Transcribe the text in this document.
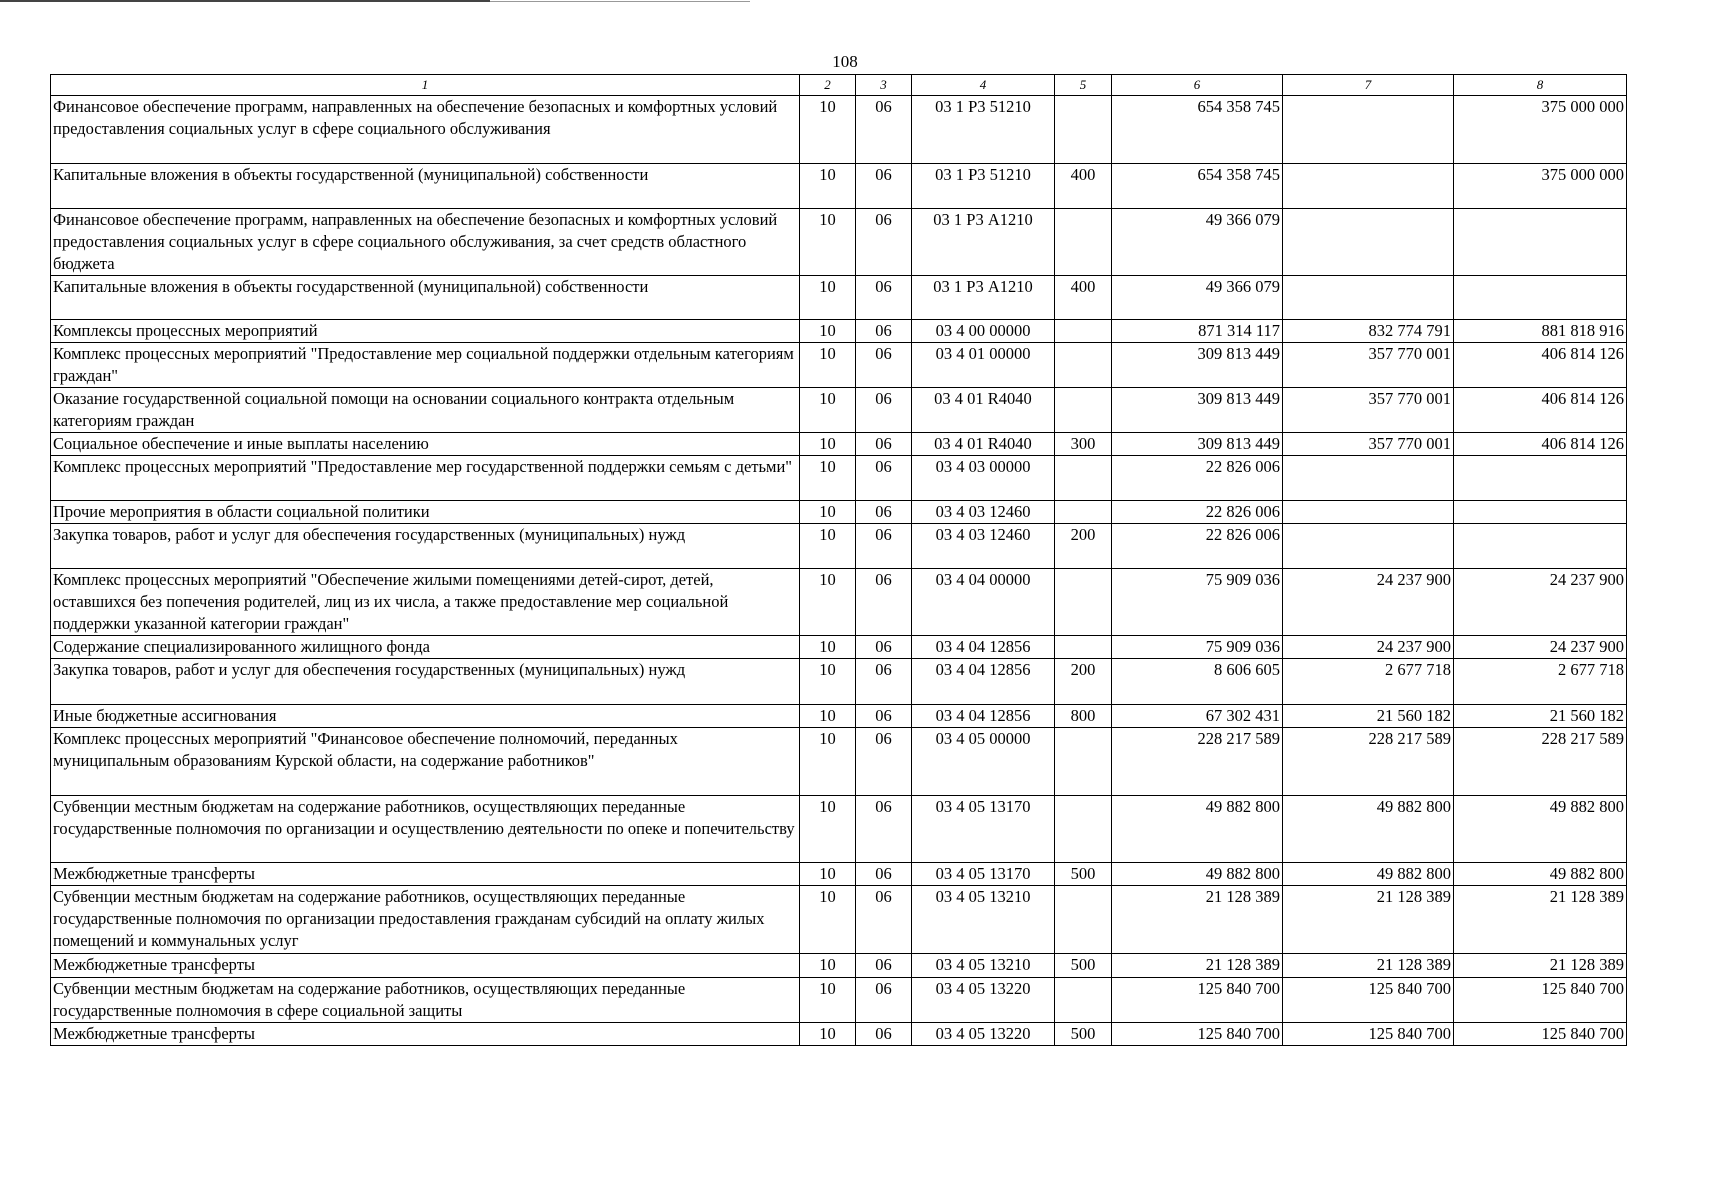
108
1	2	3	4	5	6	7	8
Финансовое обеспечение программ, направленных на обеспечение безопасных и комфортных условий предоставления социальных услуг в сфере социального обслуживания	10	06	03 1 Р3 51210		654 358 745		375 000 000
Капитальные вложения в объекты государственной (муниципальной) собственности	10	06	03 1 Р3 51210	400	654 358 745		375 000 000
Финансовое обеспечение программ, направленных на обеспечение безопасных и комфортных условий предоставления социальных услуг в сфере социального обслуживания, за счет средств областного бюджета	10	06	03 1 Р3 А1210		49 366 079		
Капитальные вложения в объекты государственной (муниципальной) собственности	10	06	03 1 Р3 А1210	400	49 366 079		
Комплексы процессных мероприятий	10	06	03 4 00 00000		871 314 117	832 774 791	881 818 916
Комплекс процессных мероприятий "Предоставление мер социальной поддержки отдельным категориям граждан"	10	06	03 4 01 00000		309 813 449	357 770 001	406 814 126
Оказание государственной социальной помощи на основании социального контракта отдельным категориям граждан	10	06	03 4 01 R4040		309 813 449	357 770 001	406 814 126
Социальное обеспечение и иные выплаты населению	10	06	03 4 01 R4040	300	309 813 449	357 770 001	406 814 126
Комплекс процессных мероприятий "Предоставление мер государственной поддержки семьям с детьми"	10	06	03 4 03 00000		22 826 006		
Прочие мероприятия в области социальной политики	10	06	03 4 03 12460		22 826 006		
Закупка товаров, работ и услуг для обеспечения государственных (муниципальных) нужд	10	06	03 4 03 12460	200	22 826 006		
Комплекс процессных мероприятий "Обеспечение жилыми помещениями детей-сирот, детей, оставшихся без попечения родителей, лиц из их числа, а также предоставление мер социальной поддержки указанной категории граждан"	10	06	03 4 04 00000		75 909 036	24 237 900	24 237 900
Содержание специализированного жилищного фонда	10	06	03 4 04 12856		75 909 036	24 237 900	24 237 900
Закупка товаров, работ и услуг для обеспечения государственных (муниципальных) нужд	10	06	03 4 04 12856	200	8 606 605	2 677 718	2 677 718
Иные бюджетные ассигнования	10	06	03 4 04 12856	800	67 302 431	21 560 182	21 560 182
Комплекс процессных мероприятий "Финансовое обеспечение полномочий, переданных муниципальным образованиям Курской области, на содержание работников"	10	06	03 4 05 00000		228 217 589	228 217 589	228 217 589
Субвенции местным бюджетам на содержание работников, осуществляющих переданные государственные полномочия по организации и осуществлению деятельности по опеке и попечительству	10	06	03 4 05 13170		49 882 800	49 882 800	49 882 800
Межбюджетные трансферты	10	06	03 4 05 13170	500	49 882 800	49 882 800	49 882 800
Субвенции местным бюджетам на содержание работников, осуществляющих переданные государственные полномочия по организации предоставления гражданам субсидий на оплату жилых помещений и коммунальных услуг	10	06	03 4 05 13210		21 128 389	21 128 389	21 128 389
Межбюджетные трансферты	10	06	03 4 05 13210	500	21 128 389	21 128 389	21 128 389
Субвенции местным бюджетам на содержание работников, осуществляющих переданные государственные полномочия в сфере социальной защиты	10	06	03 4 05 13220		125 840 700	125 840 700	125 840 700
Межбюджетные трансферты	10	06	03 4 05 13220	500	125 840 700	125 840 700	125 840 700
